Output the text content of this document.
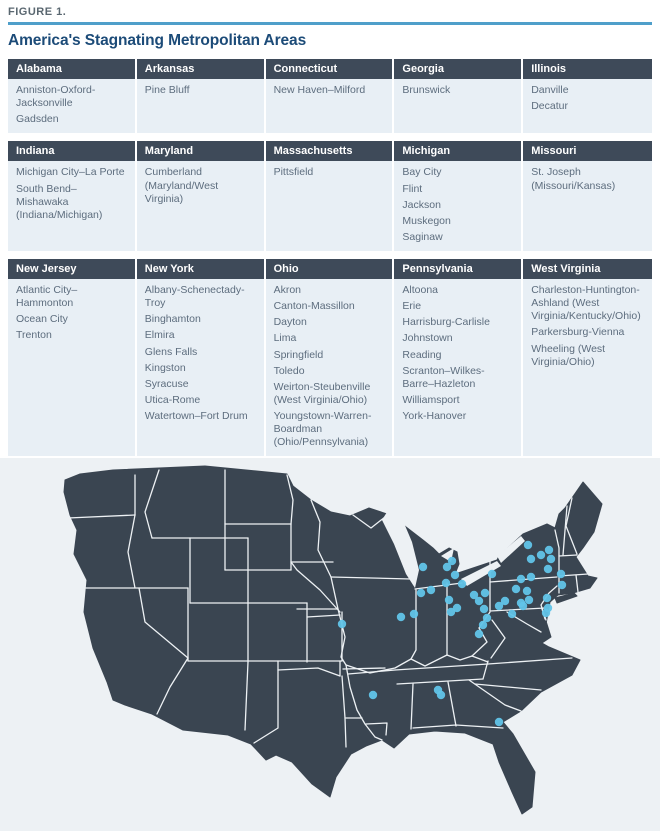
FIGURE 1.
America's Stagnating Metropolitan Areas
Alabama
Anniston-Oxford-Jacksonville
Gadsden
Arkansas
Pine Bluff
Connecticut
New Haven–Milford
Georgia
Brunswick
Illinois
Danville
Decatur
Indiana
Michigan City–La Porte
South Bend–Mishawaka (Indiana/Michigan)
Maryland
Cumberland (Maryland/West Virginia)
Massachusetts
Pittsfield
Michigan
Bay City
Flint
Jackson
Muskegon
Saginaw
Missouri
St. Joseph (Missouri/Kansas)
New Jersey
Atlantic City–Hammonton
Ocean City
Trenton
New York
Albany-Schenectady-Troy
Binghamton
Elmira
Glens Falls
Kingston
Syracuse
Utica-Rome
Watertown–Fort Drum
Ohio
Akron
Canton-Massillon
Dayton
Lima
Springfield
Toledo
Weirton-Steubenville (West Virginia/Ohio)
Youngstown-Warren-Boardman (Ohio/Pennsylvania)
Pennsylvania
Altoona
Erie
Harrisburg-Carlisle
Johnstown
Reading
Scranton–Wilkes-Barre–Hazleton
Williamsport
York-Hanover
West Virginia
Charleston-Huntington-Ashland (West Virginia/Kentucky/Ohio)
Parkersburg-Vienna
Wheeling (West Virginia/Ohio)
